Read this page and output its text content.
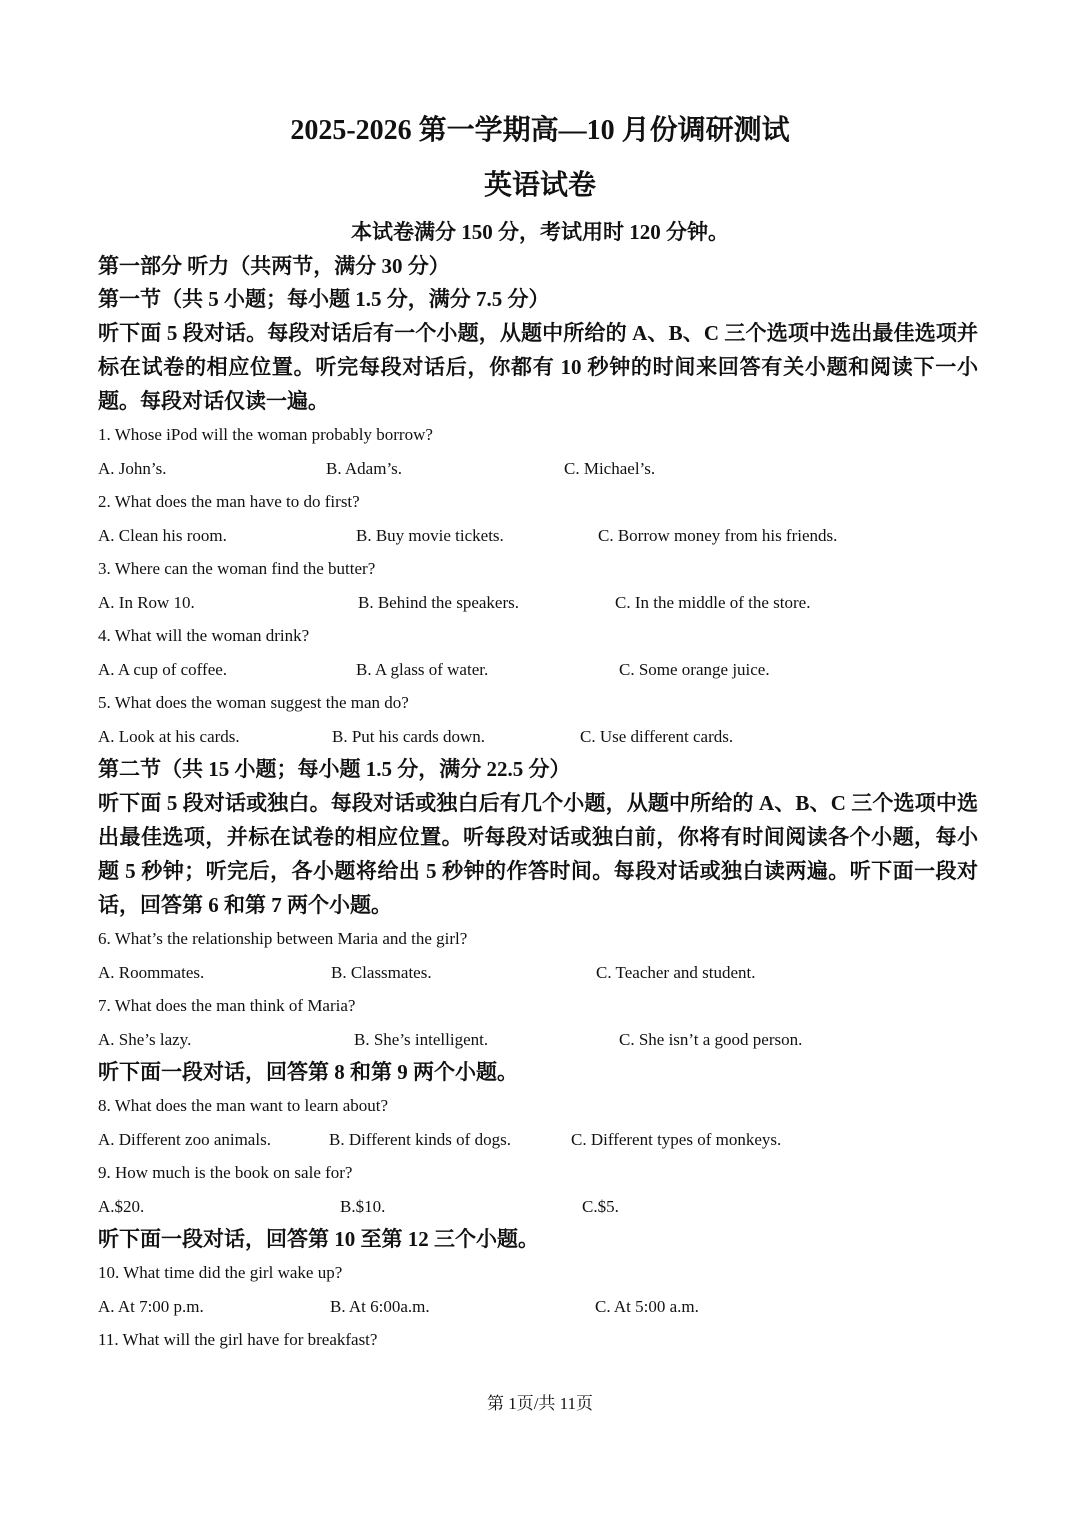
2025-2026 第一学期高—10 月份调研测试
英语试卷
本试卷满分 150 分，考试用时 120 分钟。

第一部分 听力（共两节，满分 30 分）

第一节（共 5 小题；每小题 1.5 分，满分 7.5 分）

听下面 5 段对话。每段对话后有一个小题，从题中所给的 A、B、C 三个选项中选出最佳选项并标在试卷的相应位置。听完每段对话后，你都有 10 秒钟的时间来回答有关小题和阅读下一小题。每段对话仅读一遍。

1. Whose iPod will the woman probably borrow?

A. John’s.	B. Adam’s.	C. Michael’s.

2. What does the man have to do first?

A. Clean his room.	B. Buy movie tickets.	C. Borrow money from his friends.

3. Where can the woman find the butter?

A. In Row 10.	B. Behind the speakers.	C. In the middle of the store.

4. What will the woman drink?

A. A cup of coffee.	B. A glass of water.	C. Some orange juice.

5. What does the woman suggest the man do?

A. Look at his cards.	B. Put his cards down.	C. Use different cards.

第二节（共 15 小题；每小题 1.5 分，满分 22.5 分）

听下面 5 段对话或独白。每段对话或独白后有几个小题，从题中所给的 A、B、C 三个选项中选出最佳选项，并标在试卷的相应位置。听每段对话或独白前，你将有时间阅读各个小题，每小题 5 秒钟；听完后，各小题将给出 5 秒钟的作答时间。每段对话或独白读两遍。听下面一段对话，回答第 6 和第 7 两个小题。

6. What’s the relationship between Maria and the girl?

A. Roommates.	B. Classmates.	C. Teacher and student.

7. What does the man think of Maria?

A. She’s lazy.	B. She’s intelligent.	C. She isn’t a good person.

听下面一段对话，回答第 8 和第 9 两个小题。

8. What does the man want to learn about?

A. Different zoo animals.	B. Different kinds of dogs.	C. Different types of monkeys.

9. How much is the book on sale for?

A.$20.	B.$10.	C.$5.

听下面一段对话，回答第 10 至第 12 三个小题。

10. What time did the girl wake up?

A. At 7:00 p.m.	B. At 6:00a.m.	C. At 5:00 a.m.

11. What will the girl have for breakfast?

第 1页/共 11页
